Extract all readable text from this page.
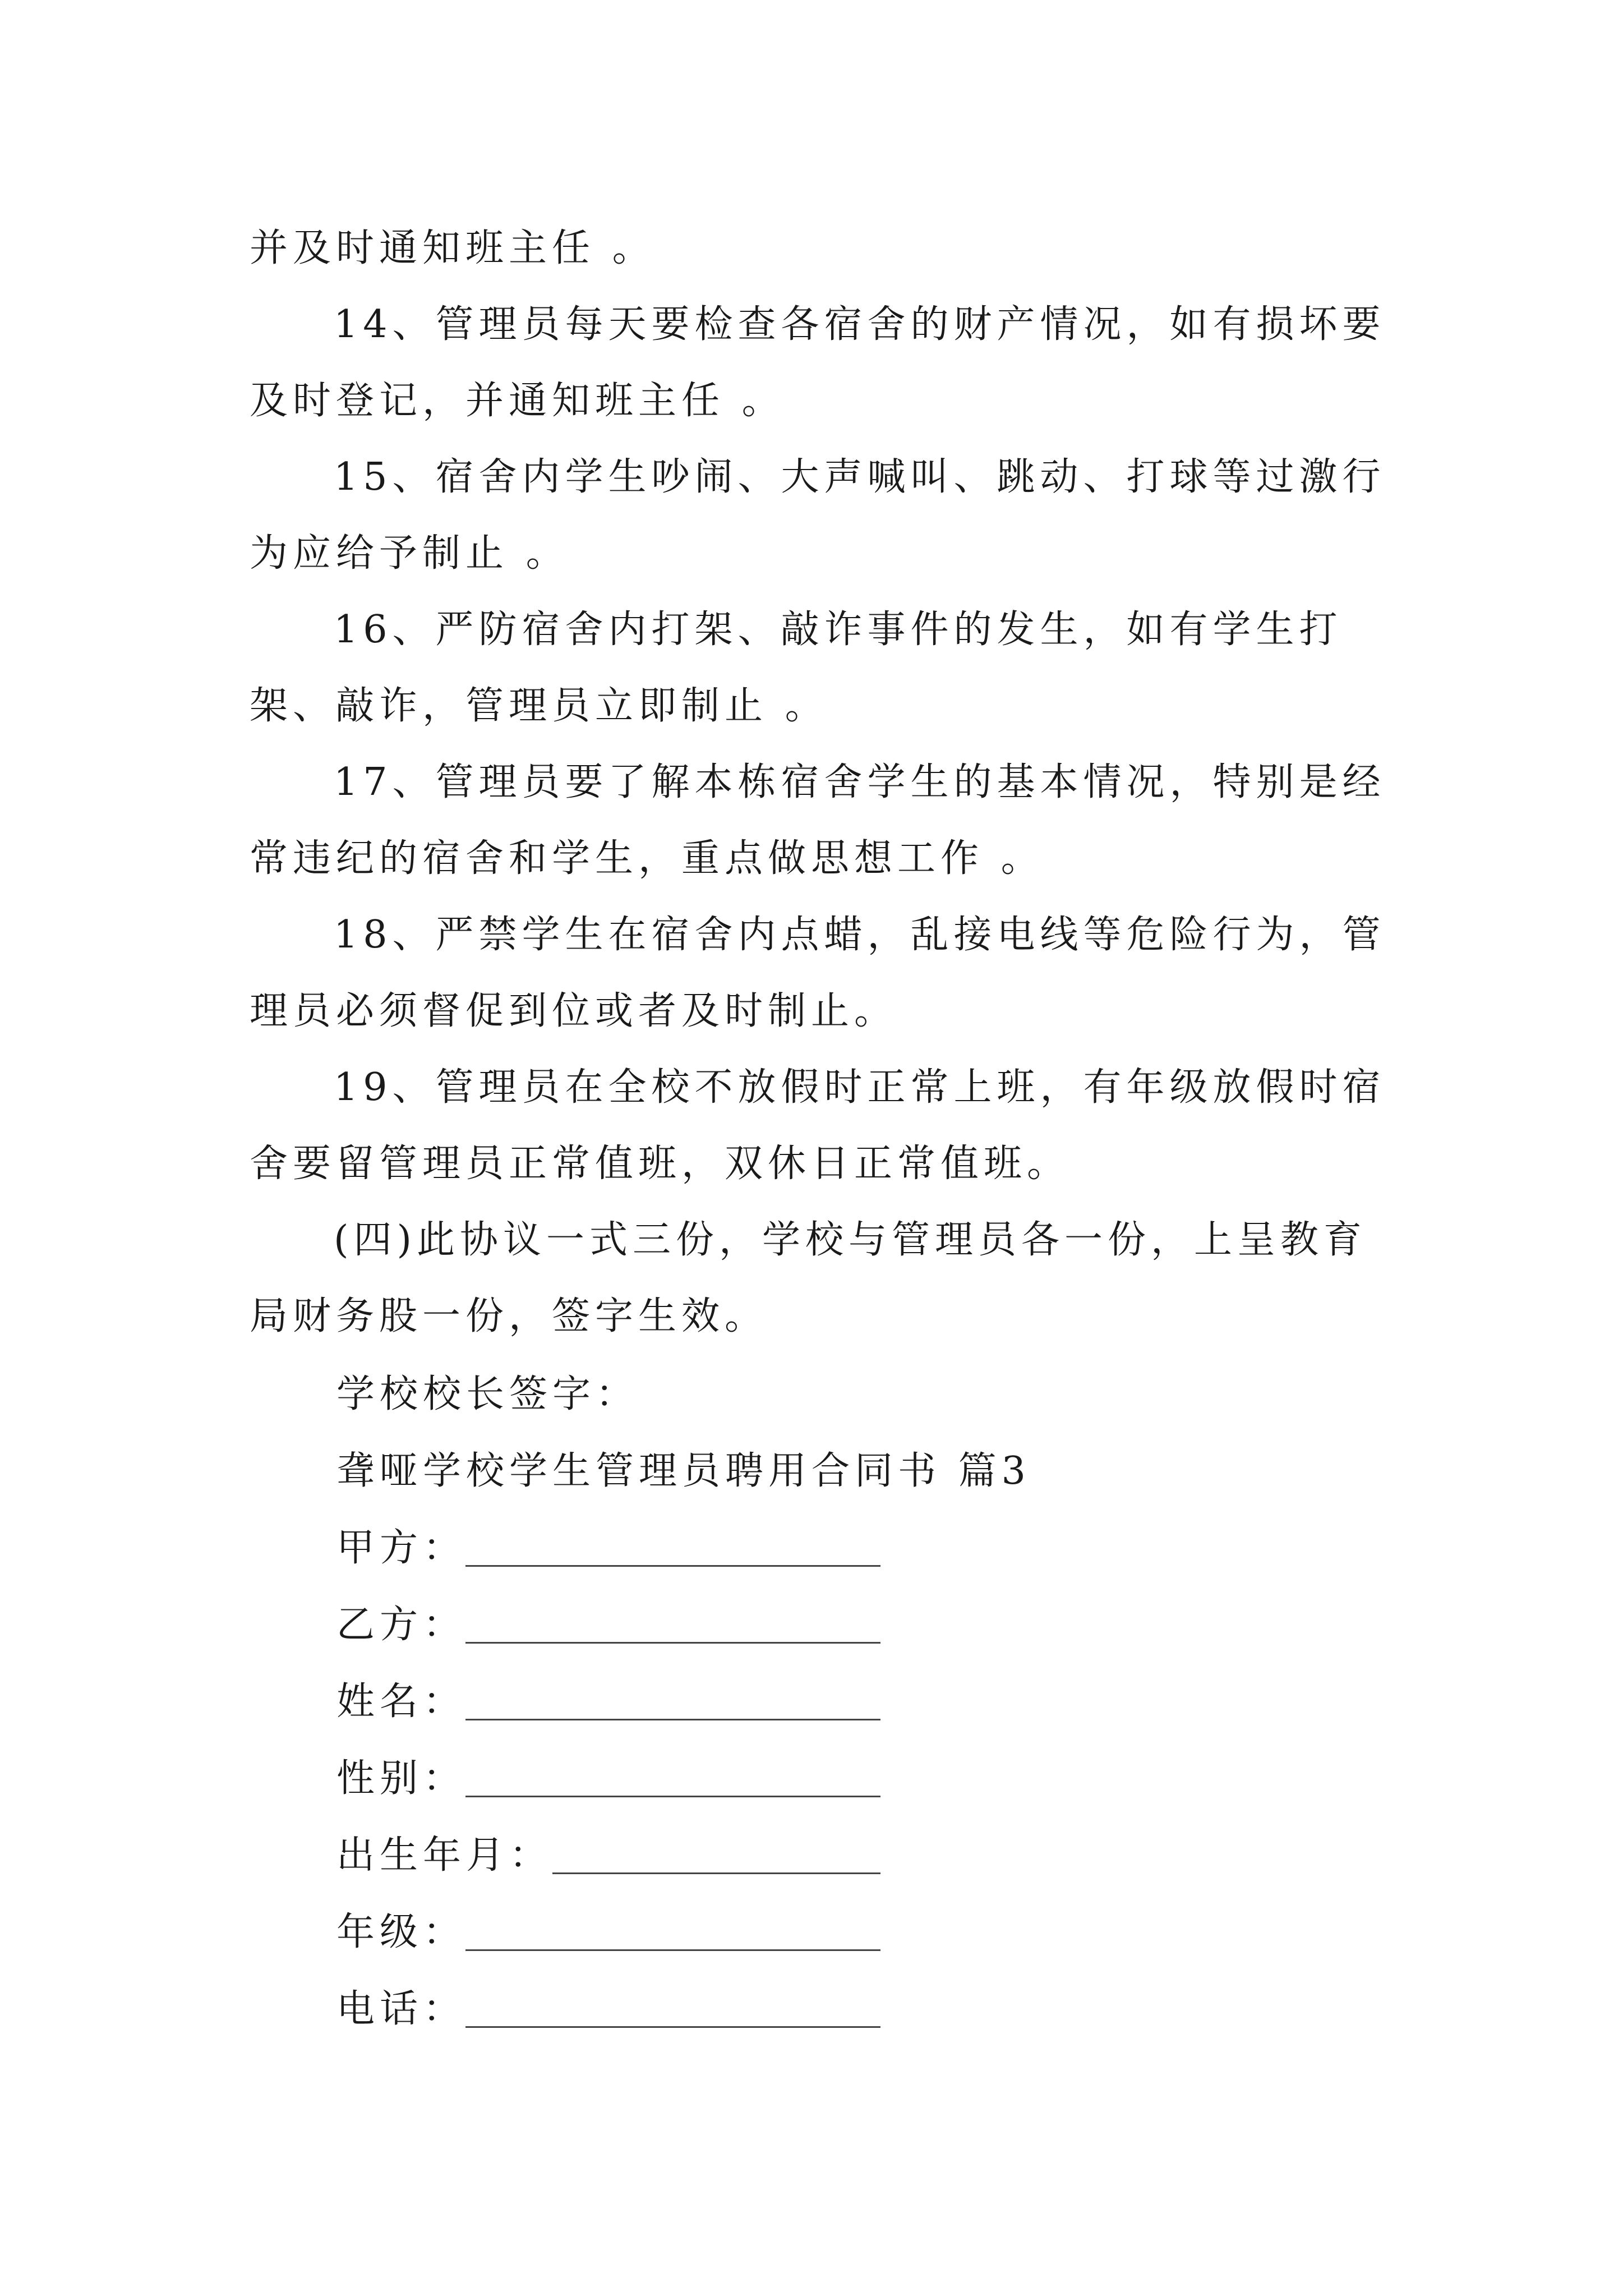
并及时通知班主任 。

14、管理员每天要检查各宿舍的财产情况，如有损坏要及时登记，并通知班主任 。

15、宿舍内学生吵闹、大声喊叫、跳动、打球等过激行为应给予制止 。

16、严防宿舍内打架、敲诈事件的发生，如有学生打架、敲诈，管理员立即制止 。

17、管理员要了解本栋宿舍学生的基本情况，特别是经常违纪的宿舍和学生，重点做思想工作 。

18、严禁学生在宿舍内点蜡，乱接电线等危险行为，管理员必须督促到位或者及时制止。

19、管理员在全校不放假时正常上班，有年级放假时宿舍要留管理员正常值班，双休日正常值班。

(四)此协议一式三份，学校与管理员各一份，上呈教育局财务股一份，签字生效。

学校校长签字：

聋哑学校学生管理员聘用合同书 篇3

甲方：
乙方：
姓名：
性别：
出生年月：
年级：
电话：
